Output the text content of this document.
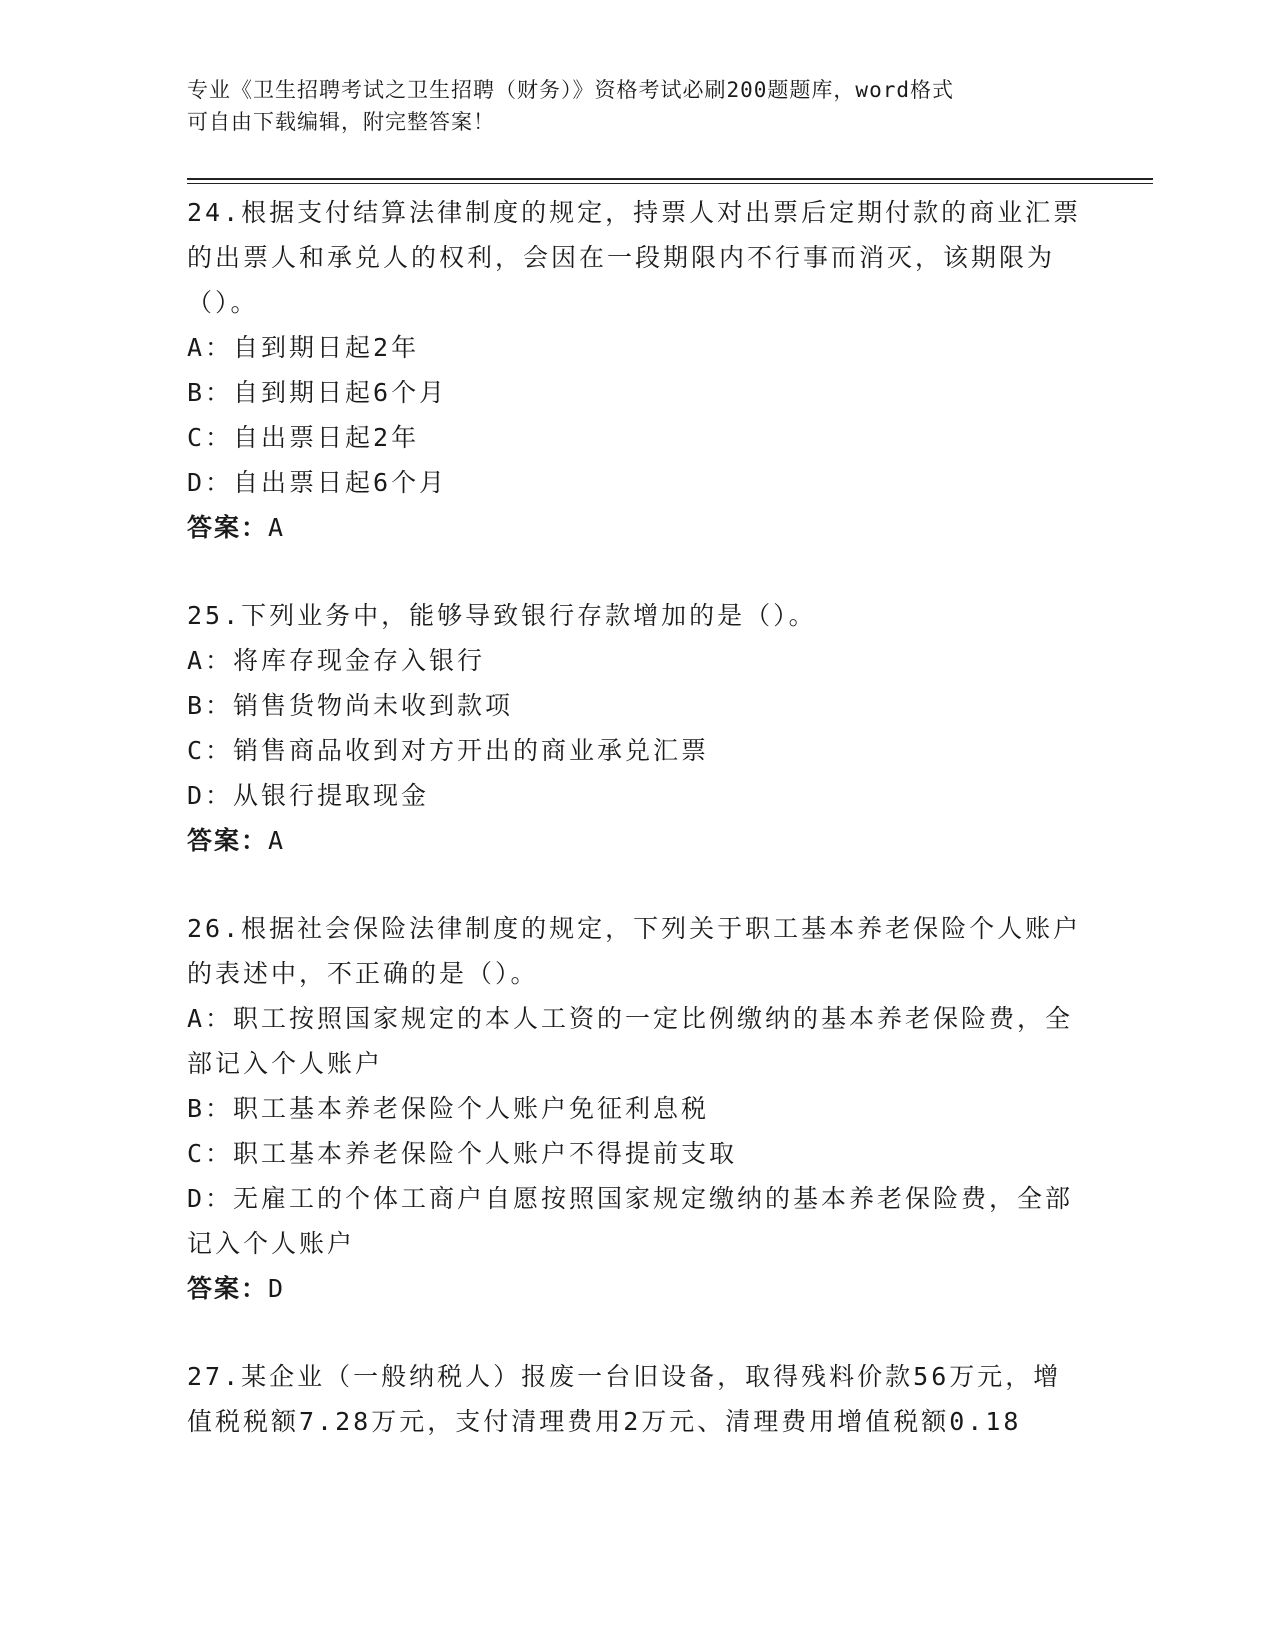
专业《卫生招聘考试之卫生招聘（财务）》资格考试必刷200题题库，word格式
可自由下载编辑，附完整答案！
24.根据支付结算法律制度的规定，持票人对出票后定期付款的商业汇票的出票人和承兑人的权利，会因在一段期限内不行事而消灭，该期限为（）。
A：自到期日起2年
B：自到期日起6个月
C：自出票日起2年
D：自出票日起6个月
答案：A
25.下列业务中，能够导致银行存款增加的是（）。
A：将库存现金存入银行
B：销售货物尚未收到款项
C：销售商品收到对方开出的商业承兑汇票
D：从银行提取现金
答案：A
26.根据社会保险法律制度的规定，下列关于职工基本养老保险个人账户的表述中，不正确的是（）。
A：职工按照国家规定的本人工资的一定比例缴纳的基本养老保险费，全部记入个人账户
B：职工基本养老保险个人账户免征利息税
C：职工基本养老保险个人账户不得提前支取
D：无雇工的个体工商户自愿按照国家规定缴纳的基本养老保险费，全部记入个人账户
答案：D
27.某企业（一般纳税人）报废一台旧设备，取得残料价款56万元，增值税税额7.28万元，支付清理费用2万元、清理费用增值税额0.18
